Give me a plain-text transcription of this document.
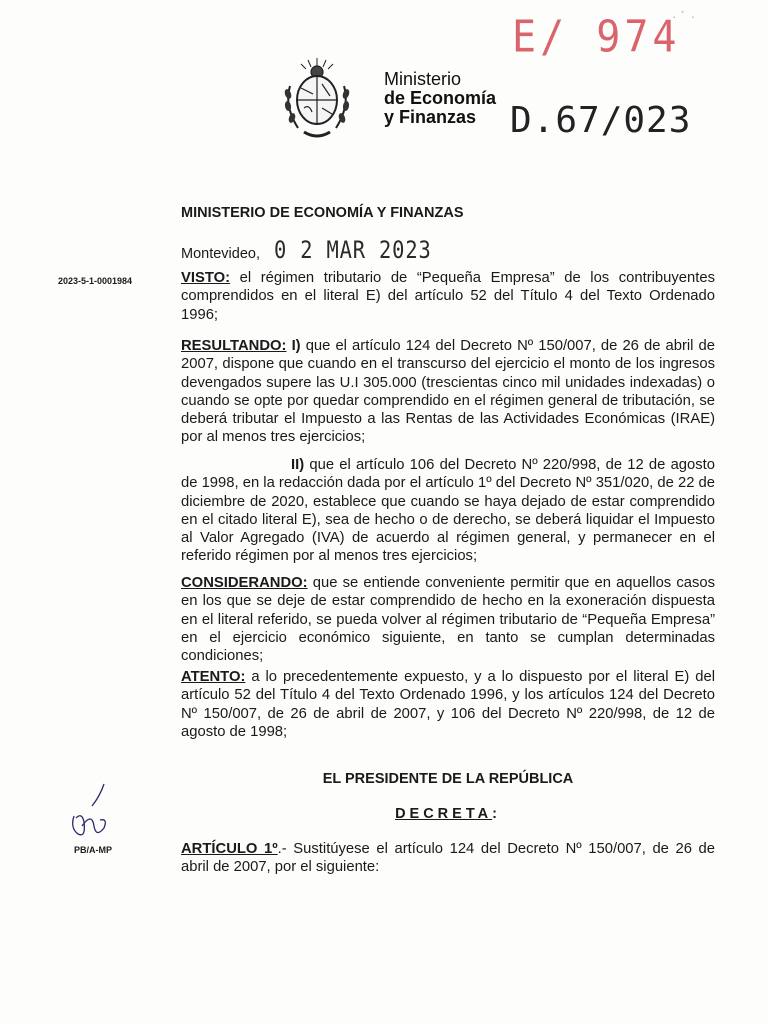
E/ 974
· ᷾ ·
Ministerio
de Economía
y Finanzas D.67/023
MINISTERIO DE ECONOMÍA Y FINANZAS
Montevideo, 0 2 MAR 2023
2023-5-1-0001984	VISTO: el régimen tributario de “Pequeña Empresa” de los contribuyentes comprendidos en el literal E) del artículo 52 del Título 4 del Texto Ordenado 1996;
RESULTANDO: I) que el artículo 124 del Decreto Nº 150/007, de 26 de abril de 2007, dispone que cuando en el transcurso del ejercicio el monto de los ingresos devengados supere las U.I 305.000 (trescientas cinco mil unidades indexadas) o cuando se opte por quedar comprendido en el régimen general de tributación, se deberá tributar el Impuesto a las Rentas de las Actividades Económicas (IRAE) por al menos tres ejercicios;
II) que el artículo 106 del Decreto Nº 220/998, de 12 de agosto de 1998, en la redacción dada por el artículo 1º del Decreto Nº 351/020, de 22 de diciembre de 2020, establece que cuando se haya dejado de estar comprendido en el citado literal E), sea de hecho o de derecho, se deberá liquidar el Impuesto al Valor Agregado (IVA) de acuerdo al régimen general, y permanecer en el referido régimen por al menos tres ejercicios;
CONSIDERANDO: que se entiende conveniente permitir que en aquellos casos en los que se deje de estar comprendido de hecho en la exoneración dispuesta en el literal referido, se pueda volver al régimen tributario de “Pequeña Empresa” en el ejercicio económico siguiente, en tanto se cumplan determinadas condiciones;
ATENTO: a lo precedentemente expuesto, y a lo dispuesto por el literal E) del artículo 52 del Título 4 del Texto Ordenado 1996, y los artículos 124 del Decreto Nº 150/007, de 26 de abril de 2007, y 106 del Decreto Nº 220/998, de 12 de agosto de 1998;
EL PRESIDENTE DE LA REPÚBLICA
DECRETA:
PB/A-MP	ARTÍCULO 1º.- Sustitúyese el artículo 124 del Decreto Nº 150/007, de 26 de abril de 2007, por el siguiente:
